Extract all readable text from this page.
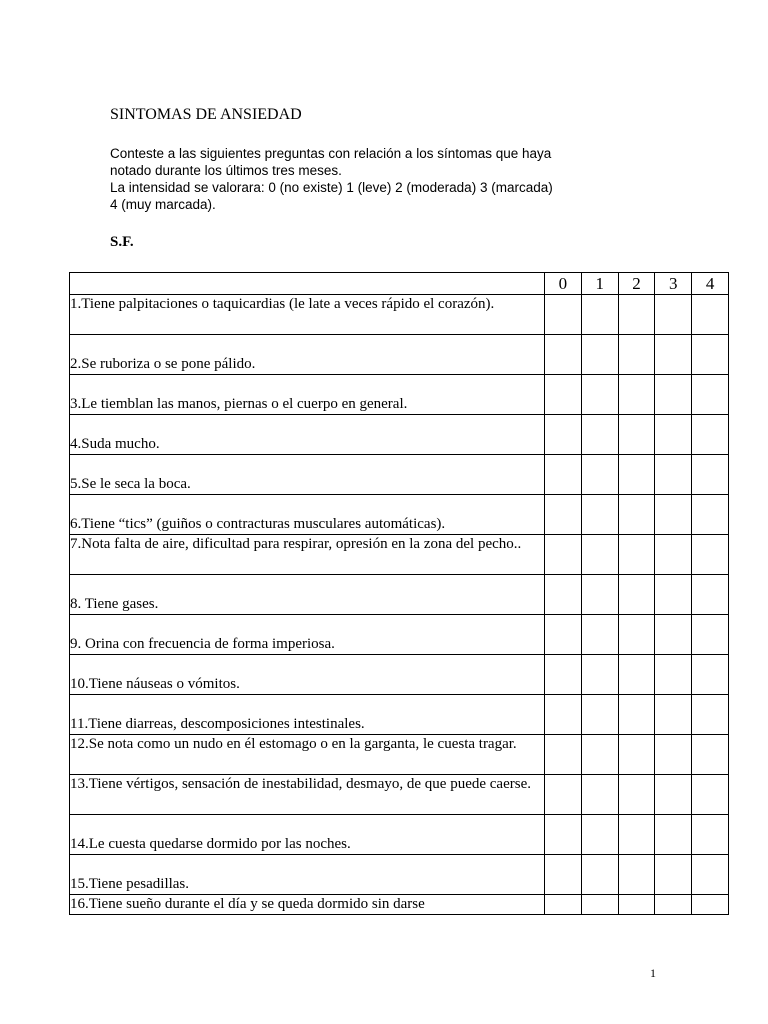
SINTOMAS DE ANSIEDAD
Conteste a las siguientes preguntas con relación a los síntomas que haya
notado durante los últimos tres meses.
La intensidad se valorara: 0 (no existe) 1 (leve) 2 (moderada) 3 (marcada)
4 (muy marcada).
S.F.
	0	1	2	3	4
1.Tiene palpitaciones o taquicardias (le late a veces rápido el corazón).					
2.Se ruboriza o se pone pálido.					
3.Le tiemblan las manos, piernas o el cuerpo en general.					
4.Suda mucho.					
5.Se le seca la boca.					
6.Tiene “tics” (guiños o contracturas musculares automáticas).					
7.Nota falta de aire, dificultad para respirar, opresión en la zona del pecho..					
8. Tiene gases.					
9. Orina con frecuencia de forma imperiosa.					
10.Tiene náuseas o vómitos.					
11.Tiene diarreas, descomposiciones intestinales.					
12.Se nota como un nudo en él estomago o en la garganta, le cuesta tragar.					
13.Tiene vértigos, sensación de inestabilidad, desmayo, de que puede caerse.					
14.Le cuesta quedarse dormido por las noches.					
15.Tiene pesadillas.					
16.Tiene sueño durante el día y se queda dormido sin darse					
1
